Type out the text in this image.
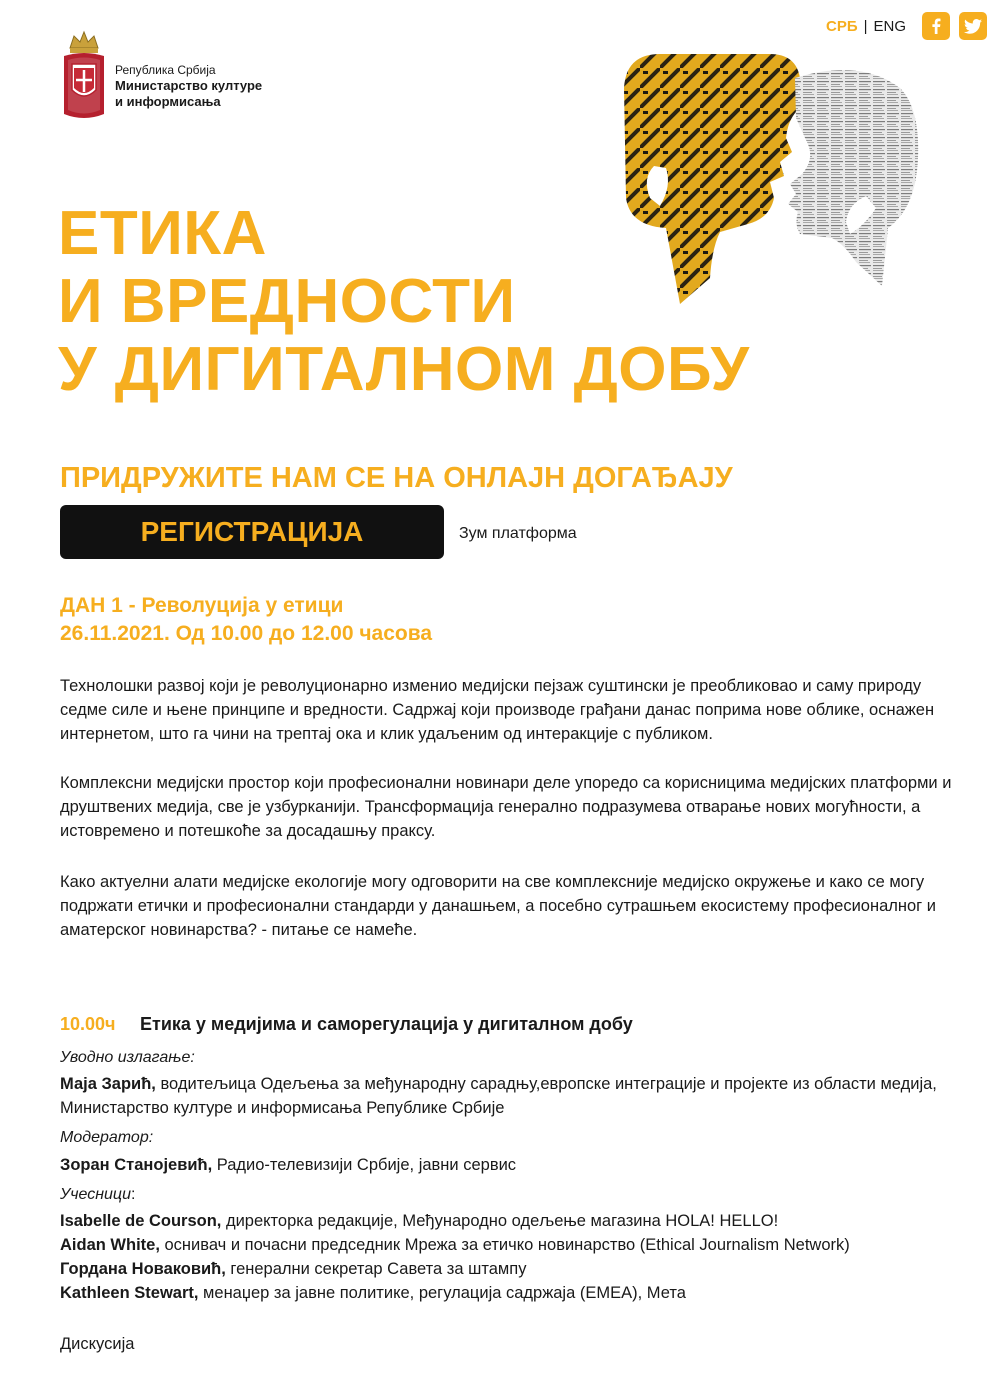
Република Србија
Министарство културе
и информисања
СРБ | ENG
ЕТИКА
И ВРЕДНОСТИ
У ДИГИТАЛНОМ ДОБУ
ПРИДРУЖИТЕ НАМ СЕ НА ОНЛАЈН ДОГАЂАЈУ
РЕГИСТРАЦИЈА	Зум платформа
ДАН 1 - Револуција у етици
26.11.2021. Од 10.00 до 12.00 часова
Технолошки развој који је револуционарно изменио медијски пејзаж суштински је преобликовао и саму природу седме силе и њене принципе и вредности. Садржај који производе грађани данас поприма нове облике, оснажен интернетом, што га чини на трептај ока и клик удаљеним од интеракције с публиком.
Комплексни медијски простор који професионални новинари деле упоредо са корисницима медијских платформи и друштвених медија, све је узбурканији. Трансформација генерално подразумева отварање нових могућности, а истовремено и потешкоће за досадашњу праксу.
Како актуелни алати медијске екологије могу одговорити на све комплексније медијско окружење и како се могу подржати етички и професионални стандарди у данашњем, а посебно сутрашњем екосистему професионалног и аматерског новинарства? - питање се намеће.
10.00ч Етика у медијима и саморегулација у дигиталном добу
Уводно излагање:
Маја Зарић, водитељица Одељења за међународну сарадњу,европске интеграције и пројекте из области медија, Министарство културе и информисања Републике Србије
Модератор:
Зоран Станојевић, Радио-телевизији Србије, јавни сервис
Учесници:
Isabelle de Courson, директорка редакције, Међународно одељење магазина HOLA! HELLO!
Aidan White, оснивач и почасни председник Мрежа за етичко новинарство (Ethical Journalism Network)
Гордана Новаковић, генерални секретар Савета за штампу
Kathleen Stewart, менаџер за јавне политике, регулација садржаја (EMEA), Мета
Дискусија
